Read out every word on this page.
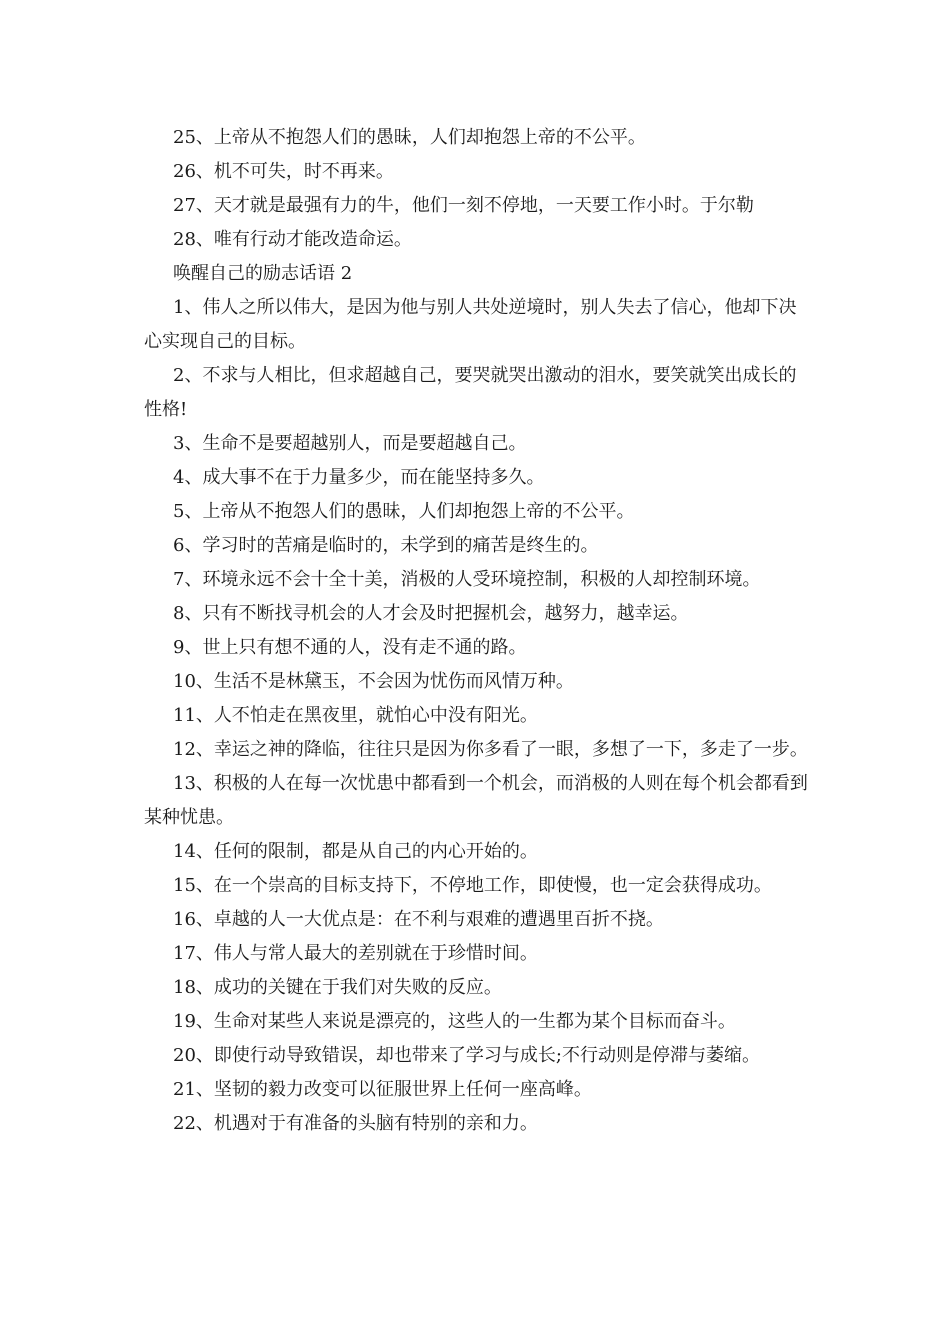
25、上帝从不抱怨人们的愚昧，人们却抱怨上帝的不公平。

26、机不可失，时不再来。

27、天才就是最强有力的牛，他们一刻不停地，一天要工作小时。于尔勒

28、唯有行动才能改造命运。

唤醒自己的励志话语 2

1、伟人之所以伟大，是因为他与别人共处逆境时，别人失去了信心，他却下决心实现自己的目标。

2、不求与人相比，但求超越自己，要哭就哭出激动的泪水，要笑就笑出成长的性格!

3、生命不是要超越别人，而是要超越自己。

4、成大事不在于力量多少，而在能坚持多久。

5、上帝从不抱怨人们的愚昧，人们却抱怨上帝的不公平。

6、学习时的苦痛是临时的，未学到的痛苦是终生的。

7、环境永远不会十全十美，消极的人受环境控制，积极的人却控制环境。

8、只有不断找寻机会的人才会及时把握机会，越努力，越幸运。

9、世上只有想不通的人，没有走不通的路。

10、生活不是林黛玉，不会因为忧伤而风情万种。

11、人不怕走在黑夜里，就怕心中没有阳光。

12、幸运之神的降临，往往只是因为你多看了一眼，多想了一下，多走了一步。

13、积极的人在每一次忧患中都看到一个机会，而消极的人则在每个机会都看到某种忧患。

14、任何的限制，都是从自己的内心开始的。

15、在一个崇高的目标支持下，不停地工作，即使慢，也一定会获得成功。

16、卓越的人一大优点是：在不利与艰难的遭遇里百折不挠。

17、伟人与常人最大的差别就在于珍惜时间。

18、成功的关键在于我们对失败的反应。

19、生命对某些人来说是漂亮的，这些人的一生都为某个目标而奋斗。

20、即使行动导致错误，却也带来了学习与成长;不行动则是停滞与萎缩。

21、坚韧的毅力改变可以征服世界上任何一座高峰。

22、机遇对于有准备的头脑有特别的亲和力。
